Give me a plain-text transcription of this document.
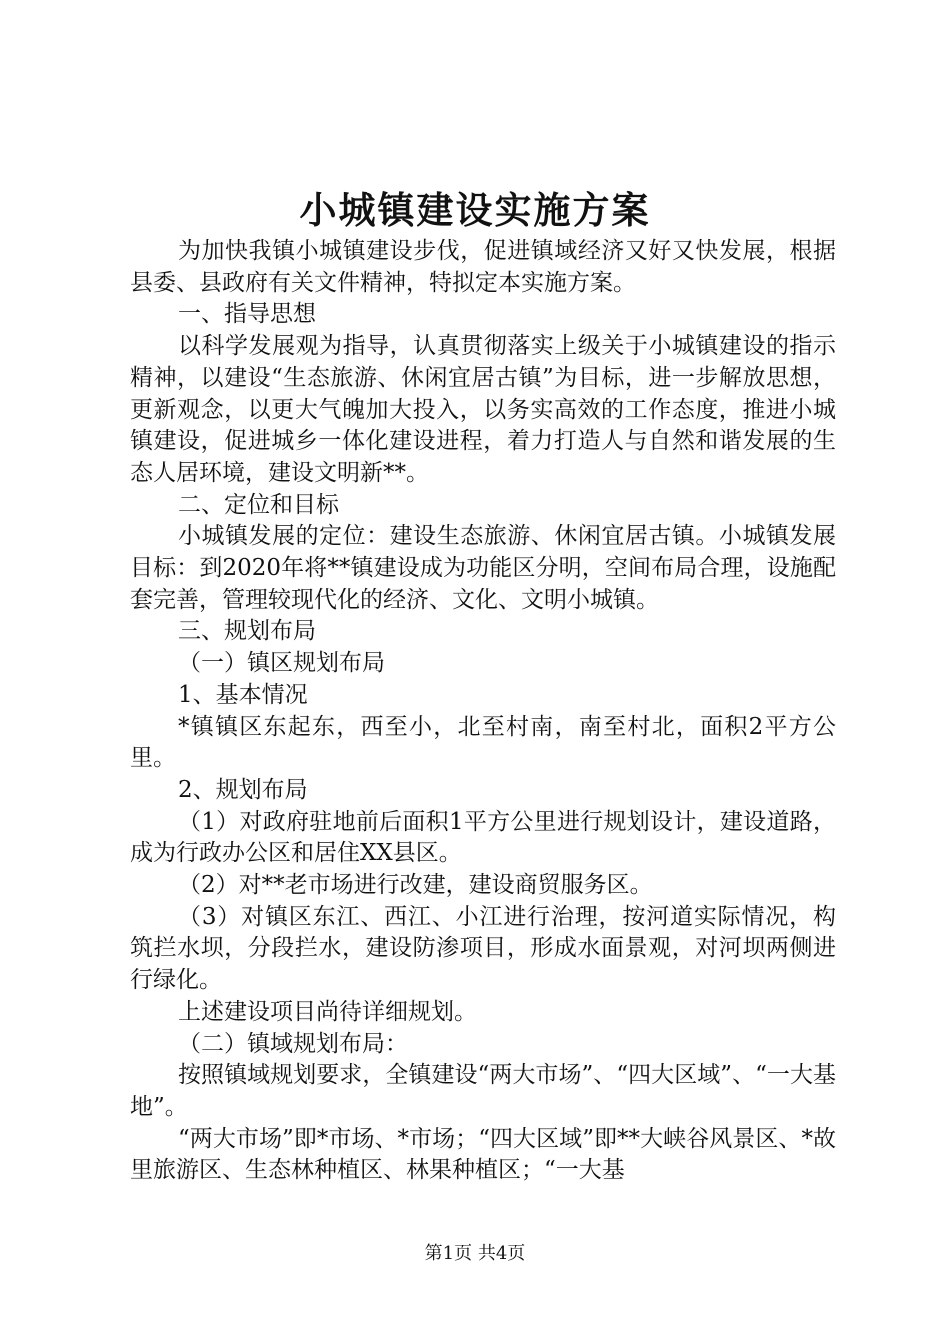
小城镇建设实施方案

为加快我镇小城镇建设步伐，促进镇域经济又好又快发展，根据县委、县政府有关文件精神，特拟定本实施方案。

一、指导思想

以科学发展观为指导，认真贯彻落实上级关于小城镇建设的指示精神，以建设“生态旅游、休闲宜居古镇”为目标，进一步解放思想，更新观念，以更大气魄加大投入，以务实高效的工作态度，推进小城镇建设，促进城乡一体化建设进程，着力打造人与自然和谐发展的生态人居环境，建设文明新**。

二、定位和目标

小城镇发展的定位：建设生态旅游、休闲宜居古镇。小城镇发展目标：到2020年将**镇建设成为功能区分明，空间布局合理，设施配套完善，管理较现代化的经济、文化、文明小城镇。

三、规划布局

（一）镇区规划布局

1、基本情况

*镇镇区东起东，西至小，北至村南，南至村北，面积2平方公里。

2、规划布局

（1）对政府驻地前后面积1平方公里进行规划设计，建设道路，成为行政办公区和居住XX县区。

（2）对**老市场进行改建，建设商贸服务区。

（3）对镇区东江、西江、小江进行治理，按河道实际情况，构筑拦水坝，分段拦水，建设防渗项目，形成水面景观，对河坝两侧进行绿化。

上述建设项目尚待详细规划。

（二）镇域规划布局：

按照镇域规划要求，全镇建设“两大市场”、“四大区域”、“一大基地”。

“两大市场”即*市场、*市场；“四大区域”即**大峡谷风景区、*故里旅游区、生态林种植区、林果种植区；“一大基

第1页 共4页
